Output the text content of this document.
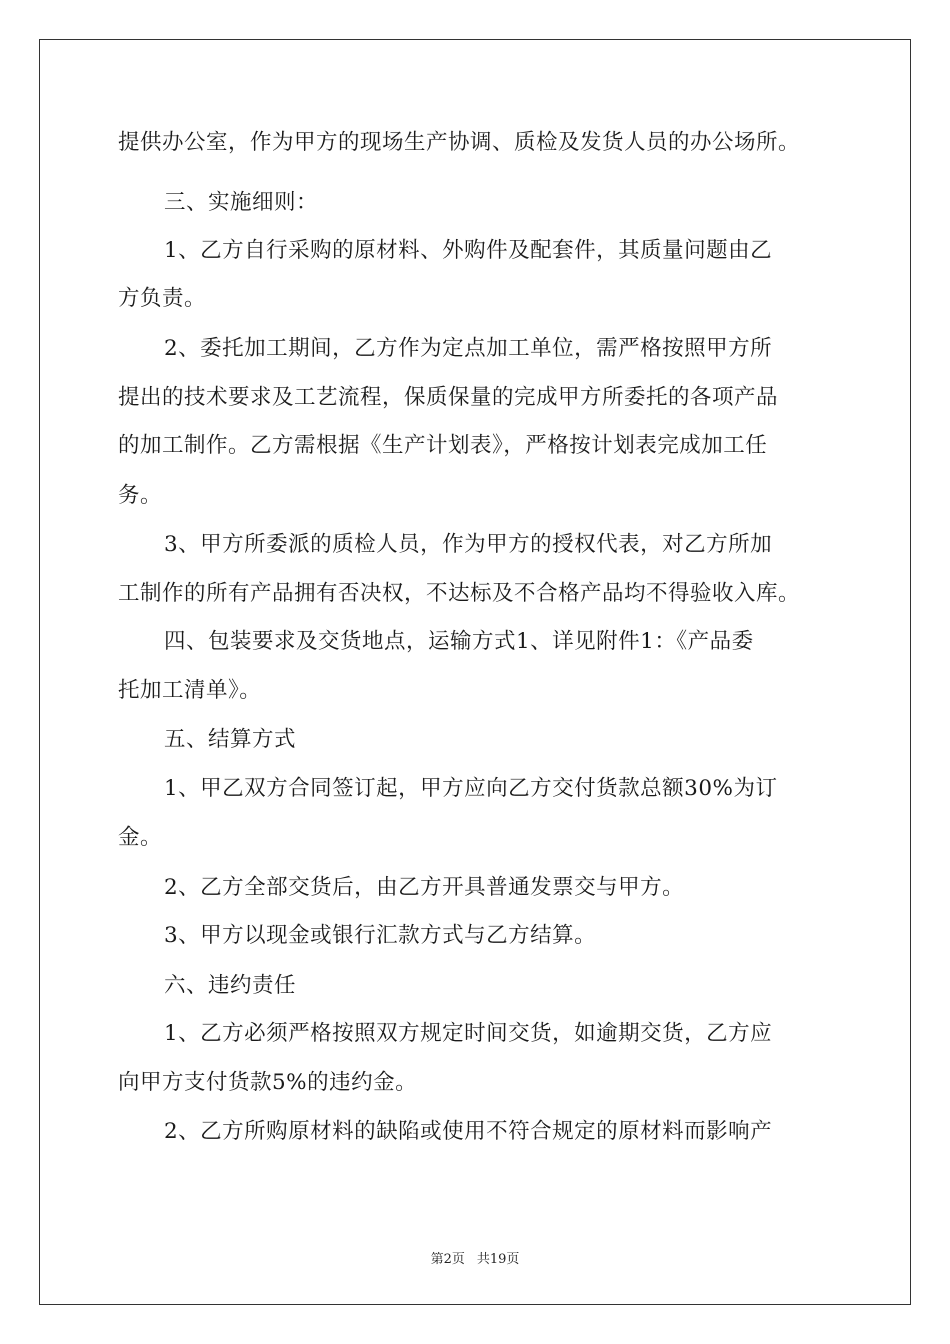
提供办公室，作为甲方的现场生产协调、质检及发货人员的办公场所。
三、实施细则：
1、乙方自行采购的原材料、外购件及配套件，其质量问题由乙
方负责。
2、委托加工期间，乙方作为定点加工单位，需严格按照甲方所
提出的技术要求及工艺流程，保质保量的完成甲方所委托的各项产品
的加工制作。乙方需根据《生产计划表》，严格按计划表完成加工任
务。
3、甲方所委派的质检人员，作为甲方的授权代表，对乙方所加
工制作的所有产品拥有否决权，不达标及不合格产品均不得验收入库。
四、包装要求及交货地点，运输方式1、详见附件1：《产品委
托加工清单》。
五、结算方式
1、甲乙双方合同签订起，甲方应向乙方交付货款总额30%为订
金。
2、乙方全部交货后，由乙方开具普通发票交与甲方。
3、甲方以现金或银行汇款方式与乙方结算。
六、违约责任
1、乙方必须严格按照双方规定时间交货，如逾期交货，乙方应
向甲方支付货款5%的违约金。
2、乙方所购原材料的缺陷或使用不符合规定的原材料而影响产
第2页 共19页
